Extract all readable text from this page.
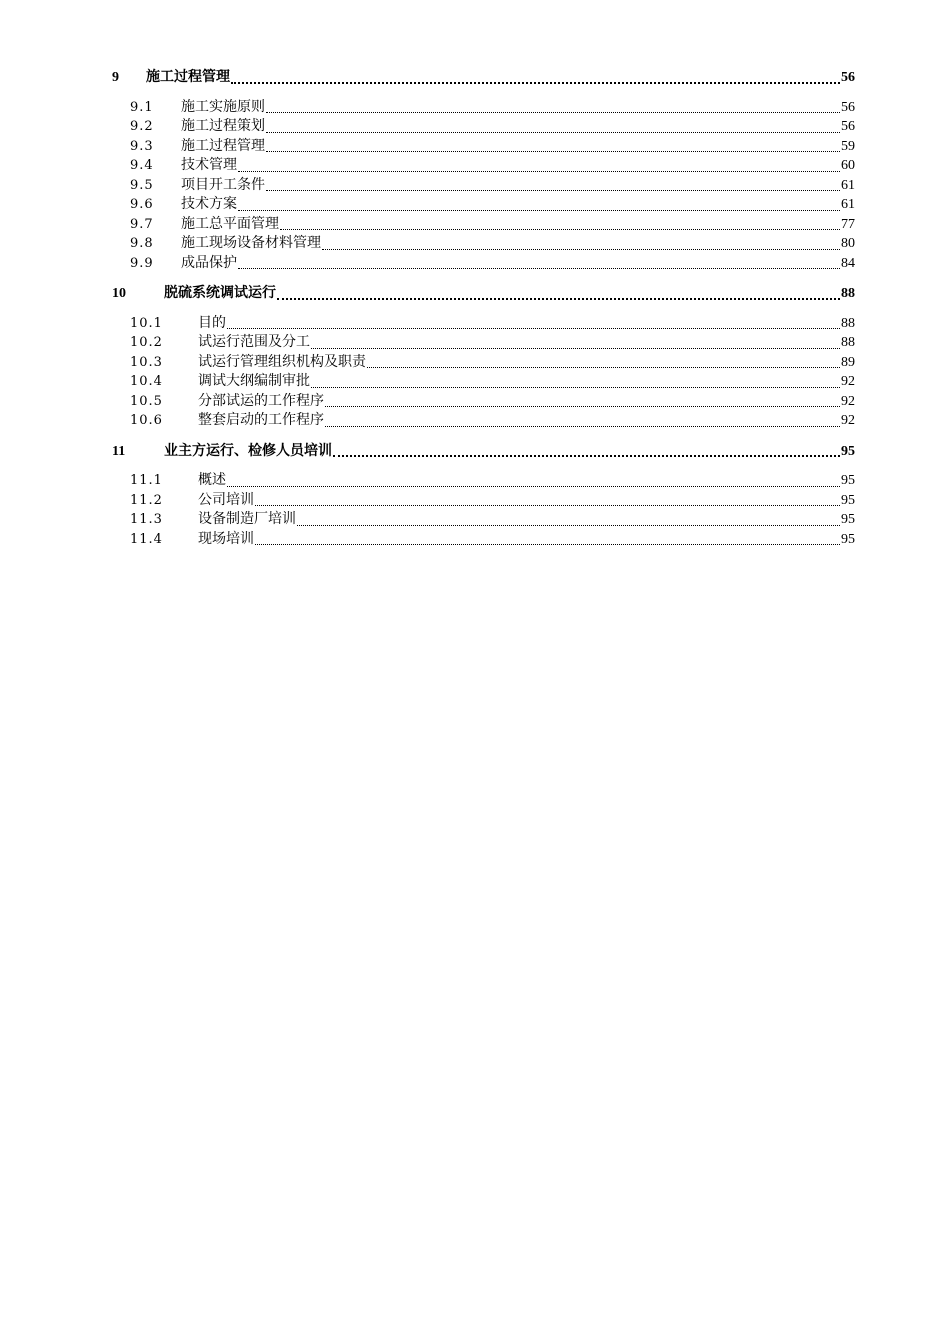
9	施工过程管理	56
9.1	施工实施原则	56
9.2	施工过程策划	56
9.3	施工过程管理	59
9.4	技术管理	60
9.5	项目开工条件	61
9.6	技术方案	61
9.7	施工总平面管理	77
9.8	施工现场设备材料管理	80
9.9	成品保护	84
10	脱硫系统调试运行	88
10.1	目的	88
10.2	试运行范围及分工	88
10.3	试运行管理组织机构及职责	89
10.4	调试大纲编制审批	92
10.5	分部试运的工作程序	92
10.6	整套启动的工作程序	92
11	业主方运行、检修人员培训	95
11.1	概述	95
11.2	公司培训	95
11.3	设备制造厂培训	95
11.4	现场培训	95
